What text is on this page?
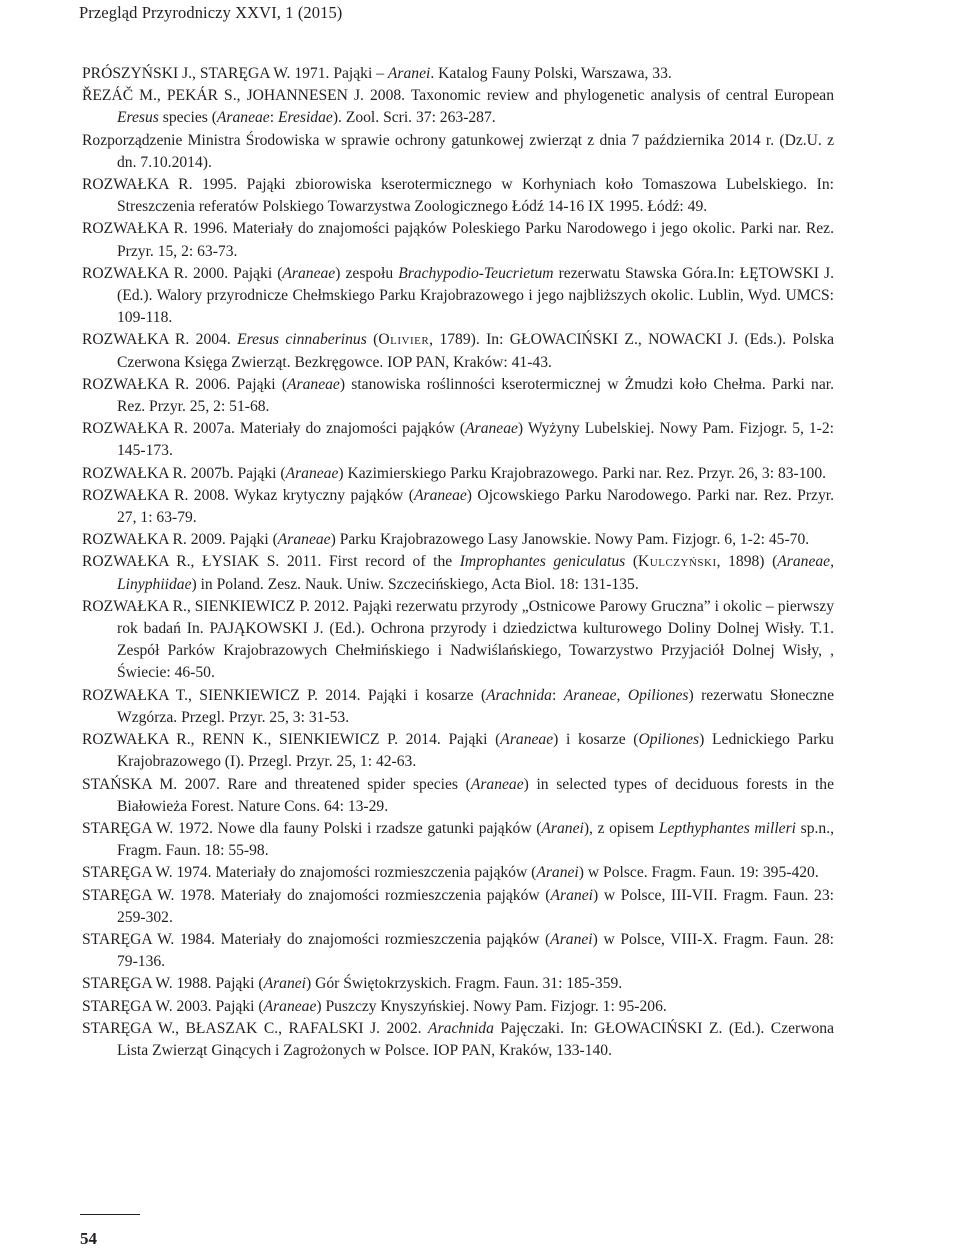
Przegląd Przyrodniczy XXVI, 1 (2015)
PRÓSZYŃSKI J., STARĘGA W. 1971. Pająki – Aranei. Katalog Fauny Polski, Warszawa, 33.
ŘEZÁČ M., PEKÁR S., JOHANNESEN J. 2008. Taxonomic review and phylogenetic analysis of central European Eresus species (Araneae: Eresidae). Zool. Scri. 37: 263-287.
Rozporządzenie Ministra Środowiska w sprawie ochrony gatunkowej zwierząt z dnia 7 października 2014 r. (Dz.U. z dn. 7.10.2014).
ROZWAŁKA R. 1995. Pająki zbiorowiska kserotermicznego w Korhyniach koło Tomaszowa Lubelskiego. In: Streszczenia referatów Polskiego Towarzystwa Zoologicznego Łódź 14-16 IX 1995. Łódź: 49.
ROZWAŁKA R. 1996. Materiały do znajomości pająków Poleskiego Parku Narodowego i jego okolic. Parki nar. Rez. Przyr. 15, 2: 63-73.
ROZWAŁKA R. 2000. Pająki (Araneae) zespołu Brachypodio-Teucrietum rezerwatu Stawska Góra.In: ŁĘTOWSKI J. (Ed.). Walory przyrodnicze Chełmskiego Parku Krajobrazowego i jego najbliższych okolic. Lublin, Wyd. UMCS: 109-118.
ROZWAŁKA R. 2004. Eresus cinnaberinus (Olivier, 1789). In: GŁOWACIŃSKI Z., NOWACKI J. (Eds.). Polska Czerwona Księga Zwierząt. Bezkręgowce. IOP PAN, Kraków: 41-43.
ROZWAŁKA R. 2006. Pająki (Araneae) stanowiska roślinności kserotermicznej w Żmudzi koło Chełma. Parki nar. Rez. Przyr. 25, 2: 51-68.
ROZWAŁKA R. 2007a. Materiały do znajomości pająków (Araneae) Wyżyny Lubelskiej. Nowy Pam. Fizjogr. 5, 1-2: 145-173.
ROZWAŁKA R. 2007b. Pająki (Araneae) Kazimierskiego Parku Krajobrazowego. Parki nar. Rez. Przyr. 26, 3: 83-100.
ROZWAŁKA R. 2008. Wykaz krytyczny pająków (Araneae) Ojcowskiego Parku Narodowego. Parki nar. Rez. Przyr. 27, 1: 63-79.
ROZWAŁKA R. 2009. Pająki (Araneae) Parku Krajobrazowego Lasy Janowskie. Nowy Pam. Fizjogr. 6, 1-2: 45-70.
ROZWAŁKA R., ŁYSIAK S. 2011. First record of the Improphantes geniculatus (Kulczyński, 1898) (Araneae, Linyphiidae) in Poland. Zesz. Nauk. Uniw. Szczecińskiego, Acta Biol. 18: 131-135.
ROZWAŁKA R., SIENKIEWICZ P. 2012. Pająki rezerwatu przyrody „Ostnicowe Parowy Gruczna” i okolic – pierwszy rok badań In. PAJĄKOWSKI J. (Ed.). Ochrona przyrody i dziedzictwa kulturowego Doliny Dolnej Wisły. T.1. Zespół Parków Krajobrazowych Chełmińskiego i Nadwiślańskiego, Towarzystwo Przyjaciół Dolnej Wisły, , Świecie: 46-50.
ROZWAŁKA T., SIENKIEWICZ P. 2014. Pająki i kosarze (Arachnida: Araneae, Opiliones) rezerwatu Słoneczne Wzgórza. Przegl. Przyr. 25, 3: 31-53.
ROZWAŁKA R., RENN K., SIENKIEWICZ P. 2014. Pająki (Araneae) i kosarze (Opiliones) Lednickiego Parku Krajobrazowego (I). Przegl. Przyr. 25, 1: 42-63.
STAŃSKA M. 2007. Rare and threatened spider species (Araneae) in selected types of deciduous forests in the Białowieża Forest. Nature Cons. 64: 13-29.
STARĘGA W. 1972. Nowe dla fauny Polski i rzadsze gatunki pająków (Aranei), z opisem Lepthyphantes milleri sp.n., Fragm. Faun. 18: 55-98.
STARĘGA W. 1974. Materiały do znajomości rozmieszczenia pająków (Aranei) w Polsce. Fragm. Faun. 19: 395-420.
STARĘGA W. 1978. Materiały do znajomości rozmieszczenia pająków (Aranei) w Polsce, III-VII. Fragm. Faun. 23: 259-302.
STARĘGA W. 1984. Materiały do znajomości rozmieszczenia pająków (Aranei) w Polsce, VIII-X. Fragm. Faun. 28: 79-136.
STARĘGA W. 1988. Pająki (Aranei) Gór Świętokrzyskich. Fragm. Faun. 31: 185-359.
STARĘGA W. 2003. Pająki (Araneae) Puszczy Knyszyńskiej. Nowy Pam. Fizjogr. 1: 95-206.
STARĘGA W., BŁASZAK C., RAFALSKI J. 2002. Arachnida Pajęczaki. In: GŁOWACIŃSKI Z. (Ed.). Czerwona Lista Zwierząt Ginących i Zagrożonych w Polsce. IOP PAN, Kraków, 133-140.
54
